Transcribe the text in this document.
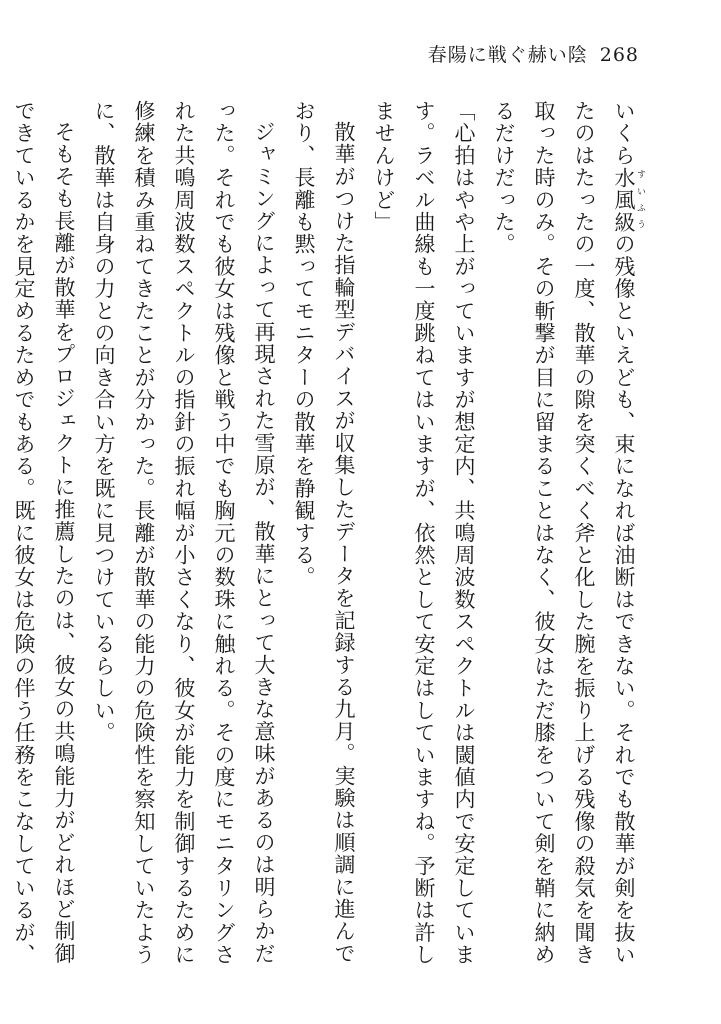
春陽に戦ぐ赫い陰 268

いくら水風級 すいふうの残像といえども、束になれば油断はできない。それでも散華が剣を抜いたのはたったの一度、散華の隙を突くべく斧と化した腕を振り上げる残像の殺気を聞き取った時のみ。その斬撃が目に留まることはなく、彼女はただ膝をついて剣を鞘に納めるだけだった。

「心拍はやや上がっていますが想定内、共鳴周波数スペクトルは閾値内で安定しています。ラベル曲線も一度跳ねてはいますが、依然として安定はしていますね。予断は許しませんけど」

散華がつけた指輪型デバイスが収集したデータを記録する九月。実験は順調に進んでおり、長離も黙ってモニターの散華を静観する。

ジャミングによって再現された雪原が、散華にとって大きな意味があるのは明らかだった。それでも彼女は残像と戦う中でも胸元の数珠に触れる。その度にモニタリングされた共鳴周波数スペクトルの指針の振れ幅が小さくなり、彼女が能力を制御するために修練を積み重ねてきたことが分かった。長離が散華の能力の危険性を察知していたように、散華は自身の力との向き合い方を既に見つけているらしい。

そもそも長離が散華をプロジェクトに推薦したのは、彼女の共鳴能力がどれほど制御できているかを見定めるためでもある。既に彼女は危険の伴う任務をこなしているが、
